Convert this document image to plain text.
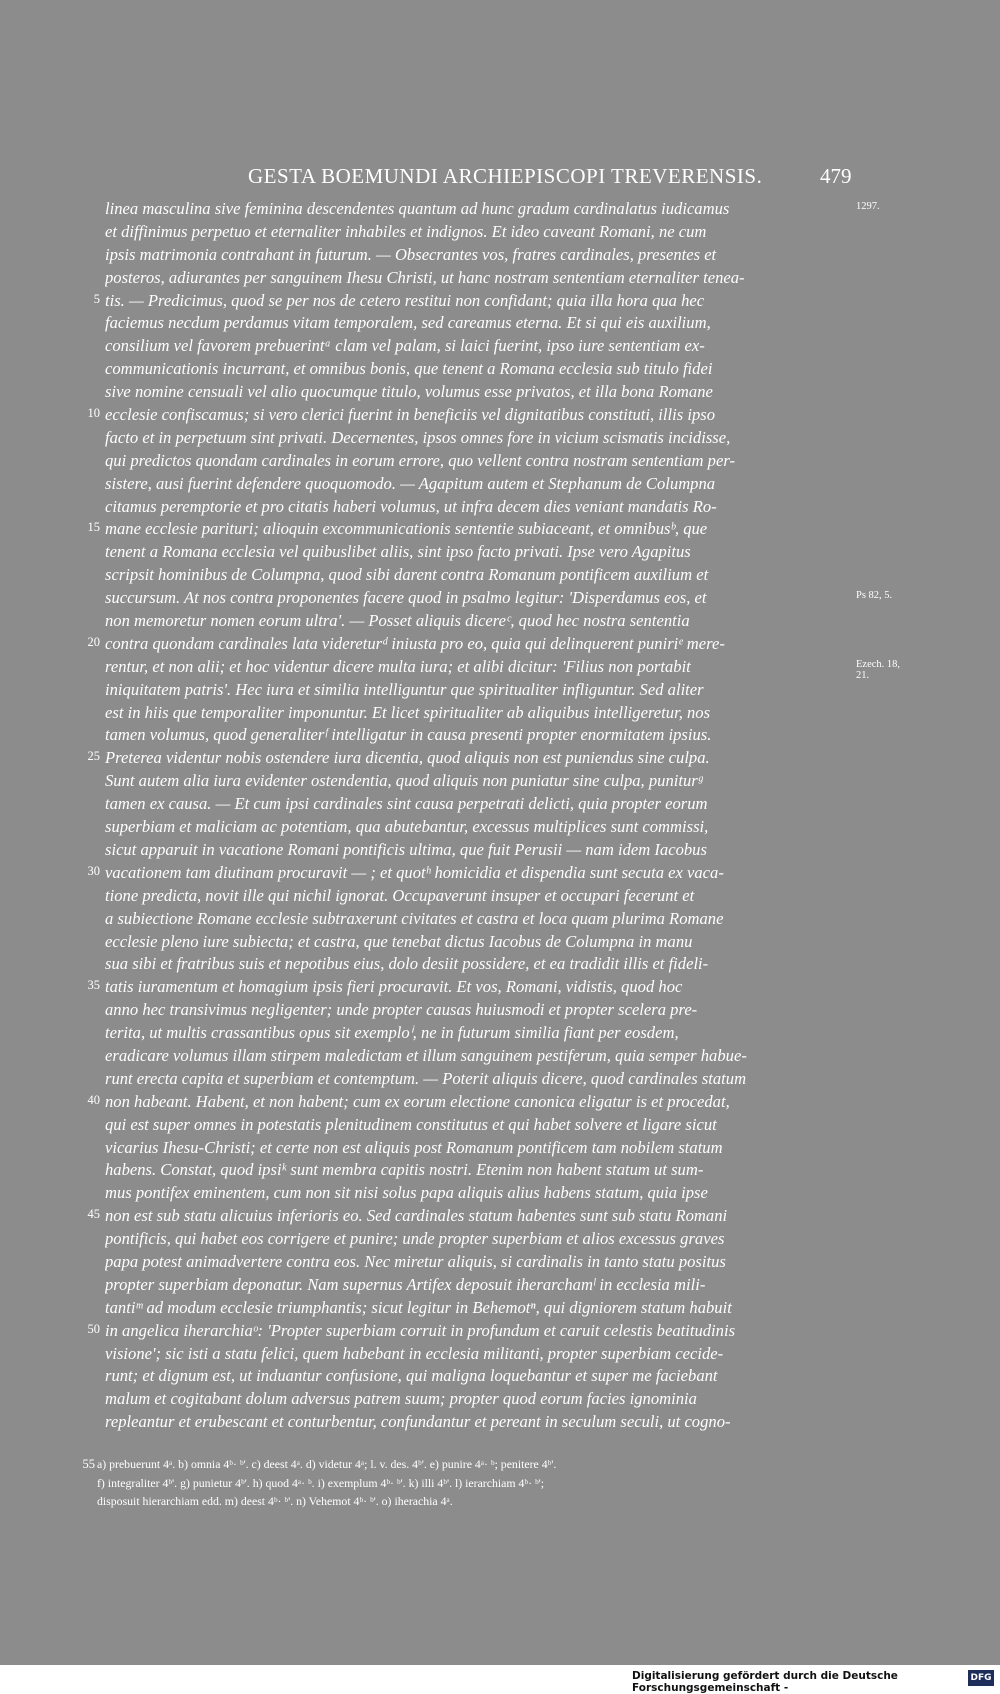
GESTA BOEMUNDI ARCHIEPISCOPI TREVERENSIS.	479
linea masculina sive feminina descendentes quantum ad hunc gradum cardinalatus iudicamus	1297.
et diffinimus perpetuo et eternaliter inhabiles et indignos. Et ideo caveant Romani, ne cum
ipsis matrimonia contrahant in futurum. — Obsecrantes vos, fratres cardinales, presentes et
posteros, adiurantes per sanguinem Ihesu Christi, ut hanc nostram sententiam eternaliter tenea-
5 tis. — Predicimus, quod se per nos de cetero restitui non confidant; quia illa hora qua hec
faciemus necdum perdamus vitam temporalem, sed careamus eterna. Et si qui eis auxilium,
consilium vel favorem prebuerintᵃ clam vel palam, si laici fuerint, ipso iure sententiam ex-
communicationis incurrant, et omnibus bonis, que tenent a Romana ecclesia sub titulo fidei
sive nomine censuali vel alio quocumque titulo, volumus esse privatos, et illa bona Romane
10 ecclesie confiscamus; si vero clerici fuerint in beneficiis vel dignitatibus constituti, illis ipso
facto et in perpetuum sint privati. Decernentes, ipsos omnes fore in vicium scismatis incidisse,
qui predictos quondam cardinales in eorum errore, quo vellent contra nostram sententiam per-
sistere, ausi fuerint defendere quoquomodo. — Agapitum autem et Stephanum de Columpna
citamus peremptorie et pro citatis haberi volumus, ut infra decem dies veniant mandatis Ro-
15 mane ecclesie parituri; alioquin excommunicationis sententie subiaceant, et omnibusᵇ, que
tenent a Romana ecclesia vel quibuslibet aliis, sint ipso facto privati. Ipse vero Agapitus
scripsit hominibus de Columpna, quod sibi darent contra Romanum pontificem auxilium et
succursum. At nos contra proponentes facere quod in psalmo legitur: 'Disperdamus eos, et	Ps 82, 5.
non memoretur nomen eorum ultra'. — Posset aliquis dicereᶜ, quod hec nostra sententia
20 contra quondam cardinales lata videreturᵈ iniusta pro eo, quia qui delinquerent puniriᵉ mere-
rentur, et non alii; et hoc videntur dicere multa iura; et alibi dicitur: 'Filius non portabit	Ezech. 18, 21.
iniquitatem patris'. Hec iura et similia intelliguntur que spiritualiter infliguntur. Sed aliter
est in hiis que temporaliter imponuntur. Et licet spiritualiter ab aliquibus intelligeretur, nos
tamen volumus, quod generaliterᶠ intelligatur in causa presenti propter enormitatem ipsius.
25 Preterea videntur nobis ostendere iura dicentia, quod aliquis non est puniendus sine culpa.
Sunt autem alia iura evidenter ostendentia, quod aliquis non puniatur sine culpa, puniturᵍ
tamen ex causa. — Et cum ipsi cardinales sint causa perpetrati delicti, quia propter eorum
superbiam et maliciam ac potentiam, qua abutebantur, excessus multiplices sunt commissi,
sicut apparuit in vacatione Romani pontificis ultima, que fuit Perusii — nam idem Iacobus
30 vacationem tam diutinam procuravit — ; et quotʰ homicidia et dispendia sunt secuta ex vaca-
tione predicta, novit ille qui nichil ignorat. Occupaverunt insuper et occupari fecerunt et
a subiectione Romane ecclesie subtraxerunt civitates et castra et loca quam plurima Romane
ecclesie pleno iure subiecta; et castra, que tenebat dictus Iacobus de Columpna in manu
sua sibi et fratribus suis et nepotibus eius, dolo desiit possidere, et ea tradidit illis et fideli-
35 tatis iuramentum et homagium ipsis fieri procuravit. Et vos, Romani, vidistis, quod hoc
anno hec transivimus negligenter; unde propter causas huiusmodi et propter scelera pre-
terita, ut multis crassantibus opus sit exemploⁱ, ne in futurum similia fiant per eosdem,
eradicare volumus illam stirpem maledictam et illum sanguinem pestiferum, quia semper habue-
runt erecta capita et superbiam et contemptum. — Poterit aliquis dicere, quod cardinales statum
40 non habeant. Habent, et non habent; cum ex eorum electione canonica eligatur is et procedat,
qui est super omnes in potestatis plenitudinem constitutus et qui habet solvere et ligare sicut
vicarius Ihesu-Christi; et certe non est aliquis post Romanum pontificem tam nobilem statum
habens. Constat, quod ipsiᵏ sunt membra capitis nostri. Etenim non habent statum ut sum-
mus pontifex eminentem, cum non sit nisi solus papa aliquis alius habens statum, quia ipse
45 non est sub statu alicuius inferioris eo. Sed cardinales statum habentes sunt sub statu Romani
pontificis, qui habet eos corrigere et punire; unde propter superbiam et alios excessus graves
papa potest animadvertere contra eos. Nec miretur aliquis, si cardinalis in tanto statu positus
propter superbiam deponatur. Nam supernus Artifex deposuit iherarchamˡ in ecclesia mili-
tantiᵐ ad modum ecclesie triumphantis; sicut legitur in Behemotⁿ, qui digniorem statum habuit
50 in angelica iherarchiaᵒ: 'Propter superbiam corruit in profundum et caruit celestis beatitudinis
visione'; sic isti a statu felici, quem habebant in ecclesia militanti, propter superbiam cecide-
runt; et dignum est, ut induantur confusione, qui maligna loquebantur et super me faciebant
malum et cogitabant dolum adversus patrem suum; propter quod eorum facies ignominia
repleantur et erubescant et conturbentur, confundantur et pereant in seculum seculi, ut cogno-
55 a) prebuerunt 4ᵃ. b) omnia 4ᵇ· ᵇ'. c) deest 4ᵃ. d) videtur 4ᵃ; l. v. des. 4ᵇ'. e) punire 4ᵃ· ᵇ; penitere 4ᵇ'.
f) integraliter 4ᵇ'. g) punietur 4ᵇ'. h) quod 4ᵃ· ᵇ. i) exemplum 4ᵇ· ᵇ'. k) illi 4ᵇ'. l) ierarchiam 4ᵇ· ᵇ';
disposuit hierarchiam edd. m) deest 4ᵇ· ᵇ'. n) Vehemot 4ᵇ· ᵇ'. o) iherachia 4ᵃ.
Digitalisierung gefördert durch die Deutsche Forschungsgemeinschaft -
DFG
